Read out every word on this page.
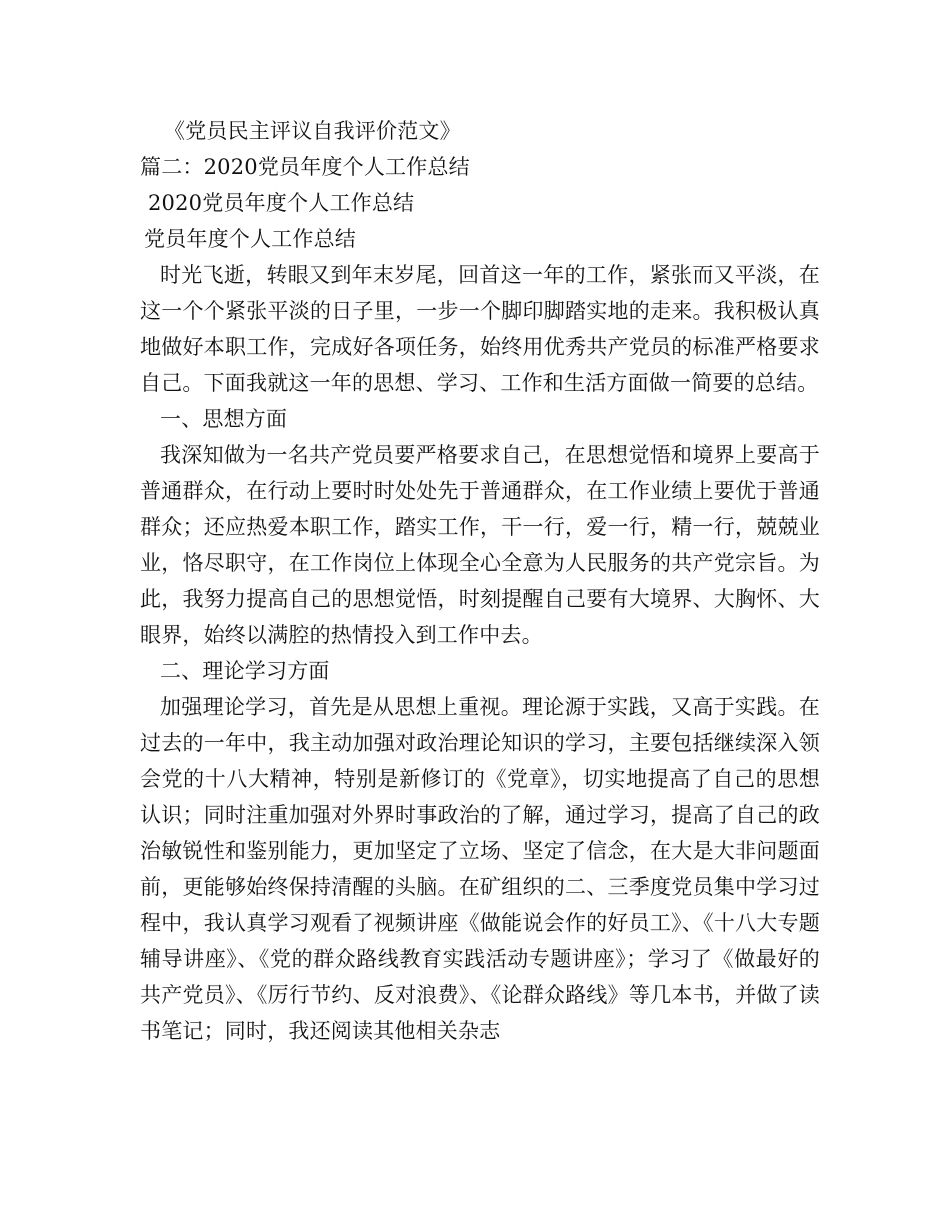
《党员民主评议自我评价范文》

篇二：2020党员年度个人工作总结

2020党员年度个人工作总结

党员年度个人工作总结

时光飞逝，转眼又到年末岁尾，回首这一年的工作，紧张而又平淡，在这一个个紧张平淡的日子里，一步一个脚印脚踏实地的走来。我积极认真地做好本职工作，完成好各项任务，始终用优秀共产党员的标准严格要求自己。下面我就这一年的思想、学习、工作和生活方面做一简要的总结。

一、思想方面

我深知做为一名共产党员要严格要求自己，在思想觉悟和境界上要高于普通群众，在行动上要时时处处先于普通群众，在工作业绩上要优于普通群众；还应热爱本职工作，踏实工作，干一行，爱一行，精一行，兢兢业业，恪尽职守，在工作岗位上体现全心全意为人民服务的共产党宗旨。为此，我努力提高自己的思想觉悟，时刻提醒自己要有大境界、大胸怀、大眼界，始终以满腔的热情投入到工作中去。

二、理论学习方面

加强理论学习，首先是从思想上重视。理论源于实践，又高于实践。在过去的一年中，我主动加强对政治理论知识的学习，主要包括继续深入领会党的十八大精神，特别是新修订的《党章》，切实地提高了自己的思想认识；同时注重加强对外界时事政治的了解，通过学习，提高了自己的政治敏锐性和鉴别能力，更加坚定了立场、坚定了信念，在大是大非问题面前，更能够始终保持清醒的头脑。在矿组织的二、三季度党员集中学习过程中，我认真学习观看了视频讲座《做能说会作的好员工》、《十八大专题辅导讲座》、《党的群众路线教育实践活动专题讲座》；学习了《做最好的共产党员》、《厉行节约、反对浪费》、《论群众路线》等几本书，并做了读书笔记；同时，我还阅读其他相关杂志
